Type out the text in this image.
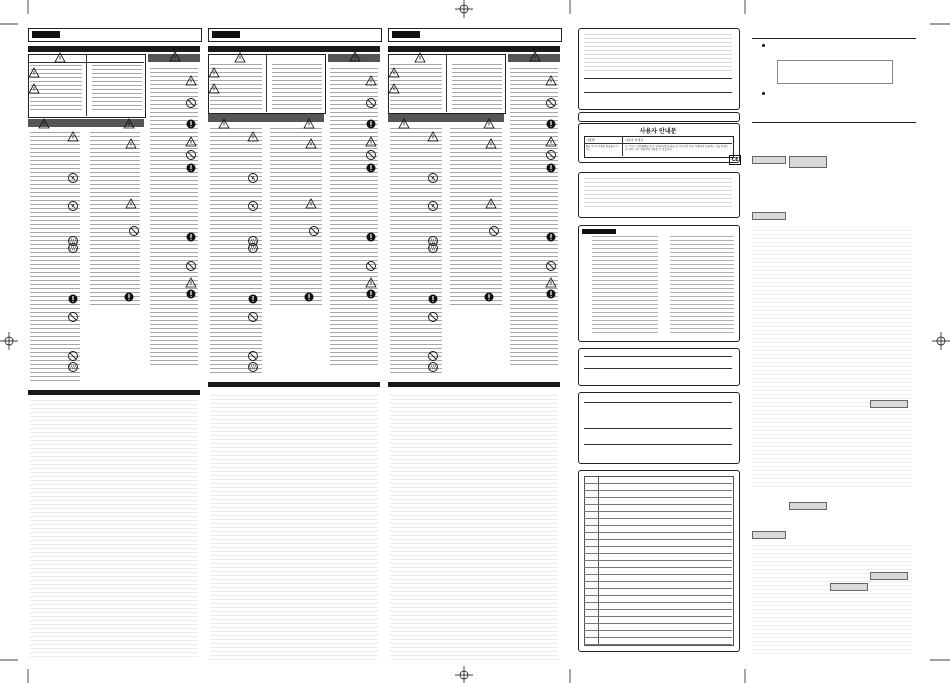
사용자 안내문
기종별	사용자 안내문
B급 기기 (가정용 방송통신기기)
이 기기는 가정용(B급)으로 전자파적합등록을 한 기기로서 주로 가정에서 사용하는 것을 목적으로 하며, 모든 지역에서 사용할 수 있습니다.
CE
